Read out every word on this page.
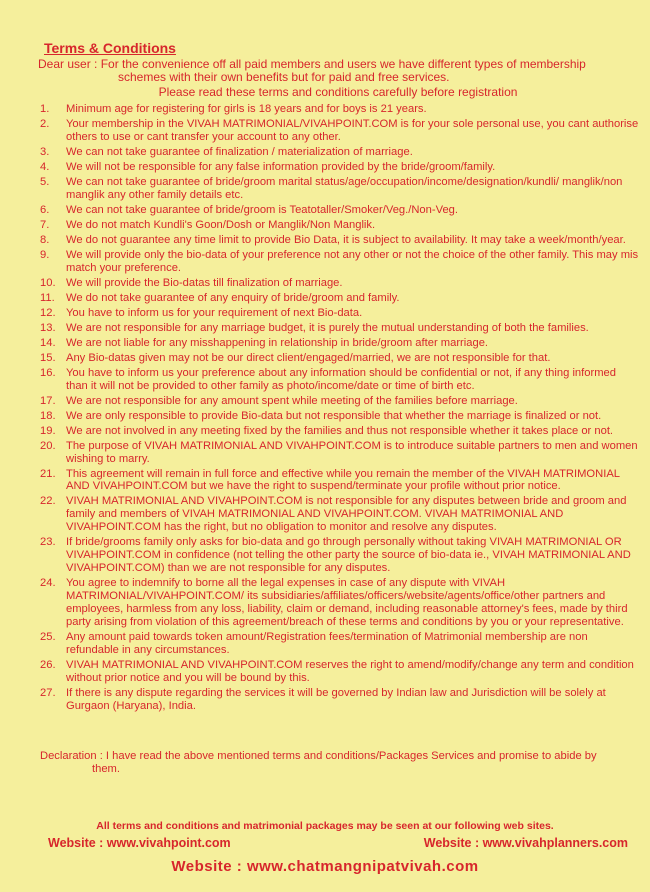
Terms & Conditions
Dear user : For the convenience off all paid members and users we have different types of membership
schemes with their own benefits but for paid and free services.
Please read these terms and conditions carefully before registration
1. Minimum age for registering for girls is 18 years and for boys is 21 years.
2. Your membership in the VIVAH MATRIMONIAL/VIVAHPOINT.COM is for your sole personal use, you cant authorise others to use or cant transfer your account to any other.
3. We can not take guarantee of finalization / materialization of marriage.
4. We will not be responsible for any false information provided by the bride/groom/family.
5. We can not take guarantee of bride/groom marital status/age/occupation/income/designation/kundli/ manglik/non manglik any other family details etc.
6. We can not take guarantee of bride/groom is Teatotaller/Smoker/Veg./Non-Veg.
7. We do not match Kundli's Goon/Dosh or Manglik/Non Manglik.
8. We do not guarantee any time limit to provide Bio Data, it is subject to availability. It may take a week/month/year.
9. We will provide only the bio-data of your preference not any other or not the choice of the other family. This may mis match your preference.
10. We will provide the Bio-datas till finalization of marriage.
11. We do not take guarantee of any enquiry of bride/groom and family.
12. You have to inform us for your requirement of next Bio-data.
13. We are not responsible for any marriage budget, it is purely the mutual understanding of both the families.
14. We are not liable for any misshappening in relationship in bride/groom after marriage.
15. Any Bio-datas given may not be our direct client/engaged/married, we are not responsible for that.
16. You have to inform us your preference about any information should be confidential or not, if any thing informed than it will not be provided to other family as photo/income/date or time of birth etc.
17. We are not responsible for any amount spent while meeting of the families before marriage.
18. We are only responsible to provide Bio-data but not responsible that whether the marriage is finalized or not.
19. We are not involved in any meeting fixed by the families and thus not responsible whether it takes place or not.
20. The purpose of VIVAH MATRIMONIAL AND VIVAHPOINT.COM is to introduce suitable partners to men and women wishing to marry.
21. This agreement will remain in full force and effective while you remain the member of the VIVAH MATRIMONIAL AND VIVAHPOINT.COM but we have the right to suspend/terminate your profile without prior notice.
22. VIVAH MATRIMONIAL AND VIVAHPOINT.COM is not responsible for any disputes between bride and groom and family and members of VIVAH MATRIMONIAL AND VIVAHPOINT.COM. VIVAH MATRIMONIAL AND VIVAHPOINT.COM has the right, but no obligation to monitor and resolve any disputes.
23. If bride/grooms family only asks for bio-data and go through personally without taking VIVAH MATRIMONIAL OR VIVAHPOINT.COM in confidence (not telling the other party the source of bio-data ie., VIVAH MATRIMONIAL AND VIVAHPOINT.COM) than we are not responsible for any disputes.
24. You agree to indemnify to borne all the legal expenses in case of any dispute with VIVAH MATRIMONIAL/VIVAHPOINT.COM/ its subsidiaries/affiliates/officers/website/agents/office/other partners and employees, harmless from any loss, liability, claim or demand, including reasonable attorney's fees, made by third party arising from violation of this agreement/breach of these terms and conditions by you or your representative.
25. Any amount paid towards token amount/Registration fees/termination of Matrimonial membership are non refundable in any circumstances.
26. VIVAH MATRIMONIAL AND VIVAHPOINT.COM reserves the right to amend/modify/change any term and condition without prior notice and you will be bound by this.
27. If there is any dispute regarding the services it will be governed by Indian law and Jurisdiction will be solely at Gurgaon (Haryana), India.
Declaration : I have read the above mentioned terms and conditions/Packages Services and promise to abide by
them.
All terms and conditions and matrimonial packages may be seen at our following web sites.
Website : www.vivahpoint.com	Website : www.vivahplanners.com
Website : www.chatmangnipatvivah.com
